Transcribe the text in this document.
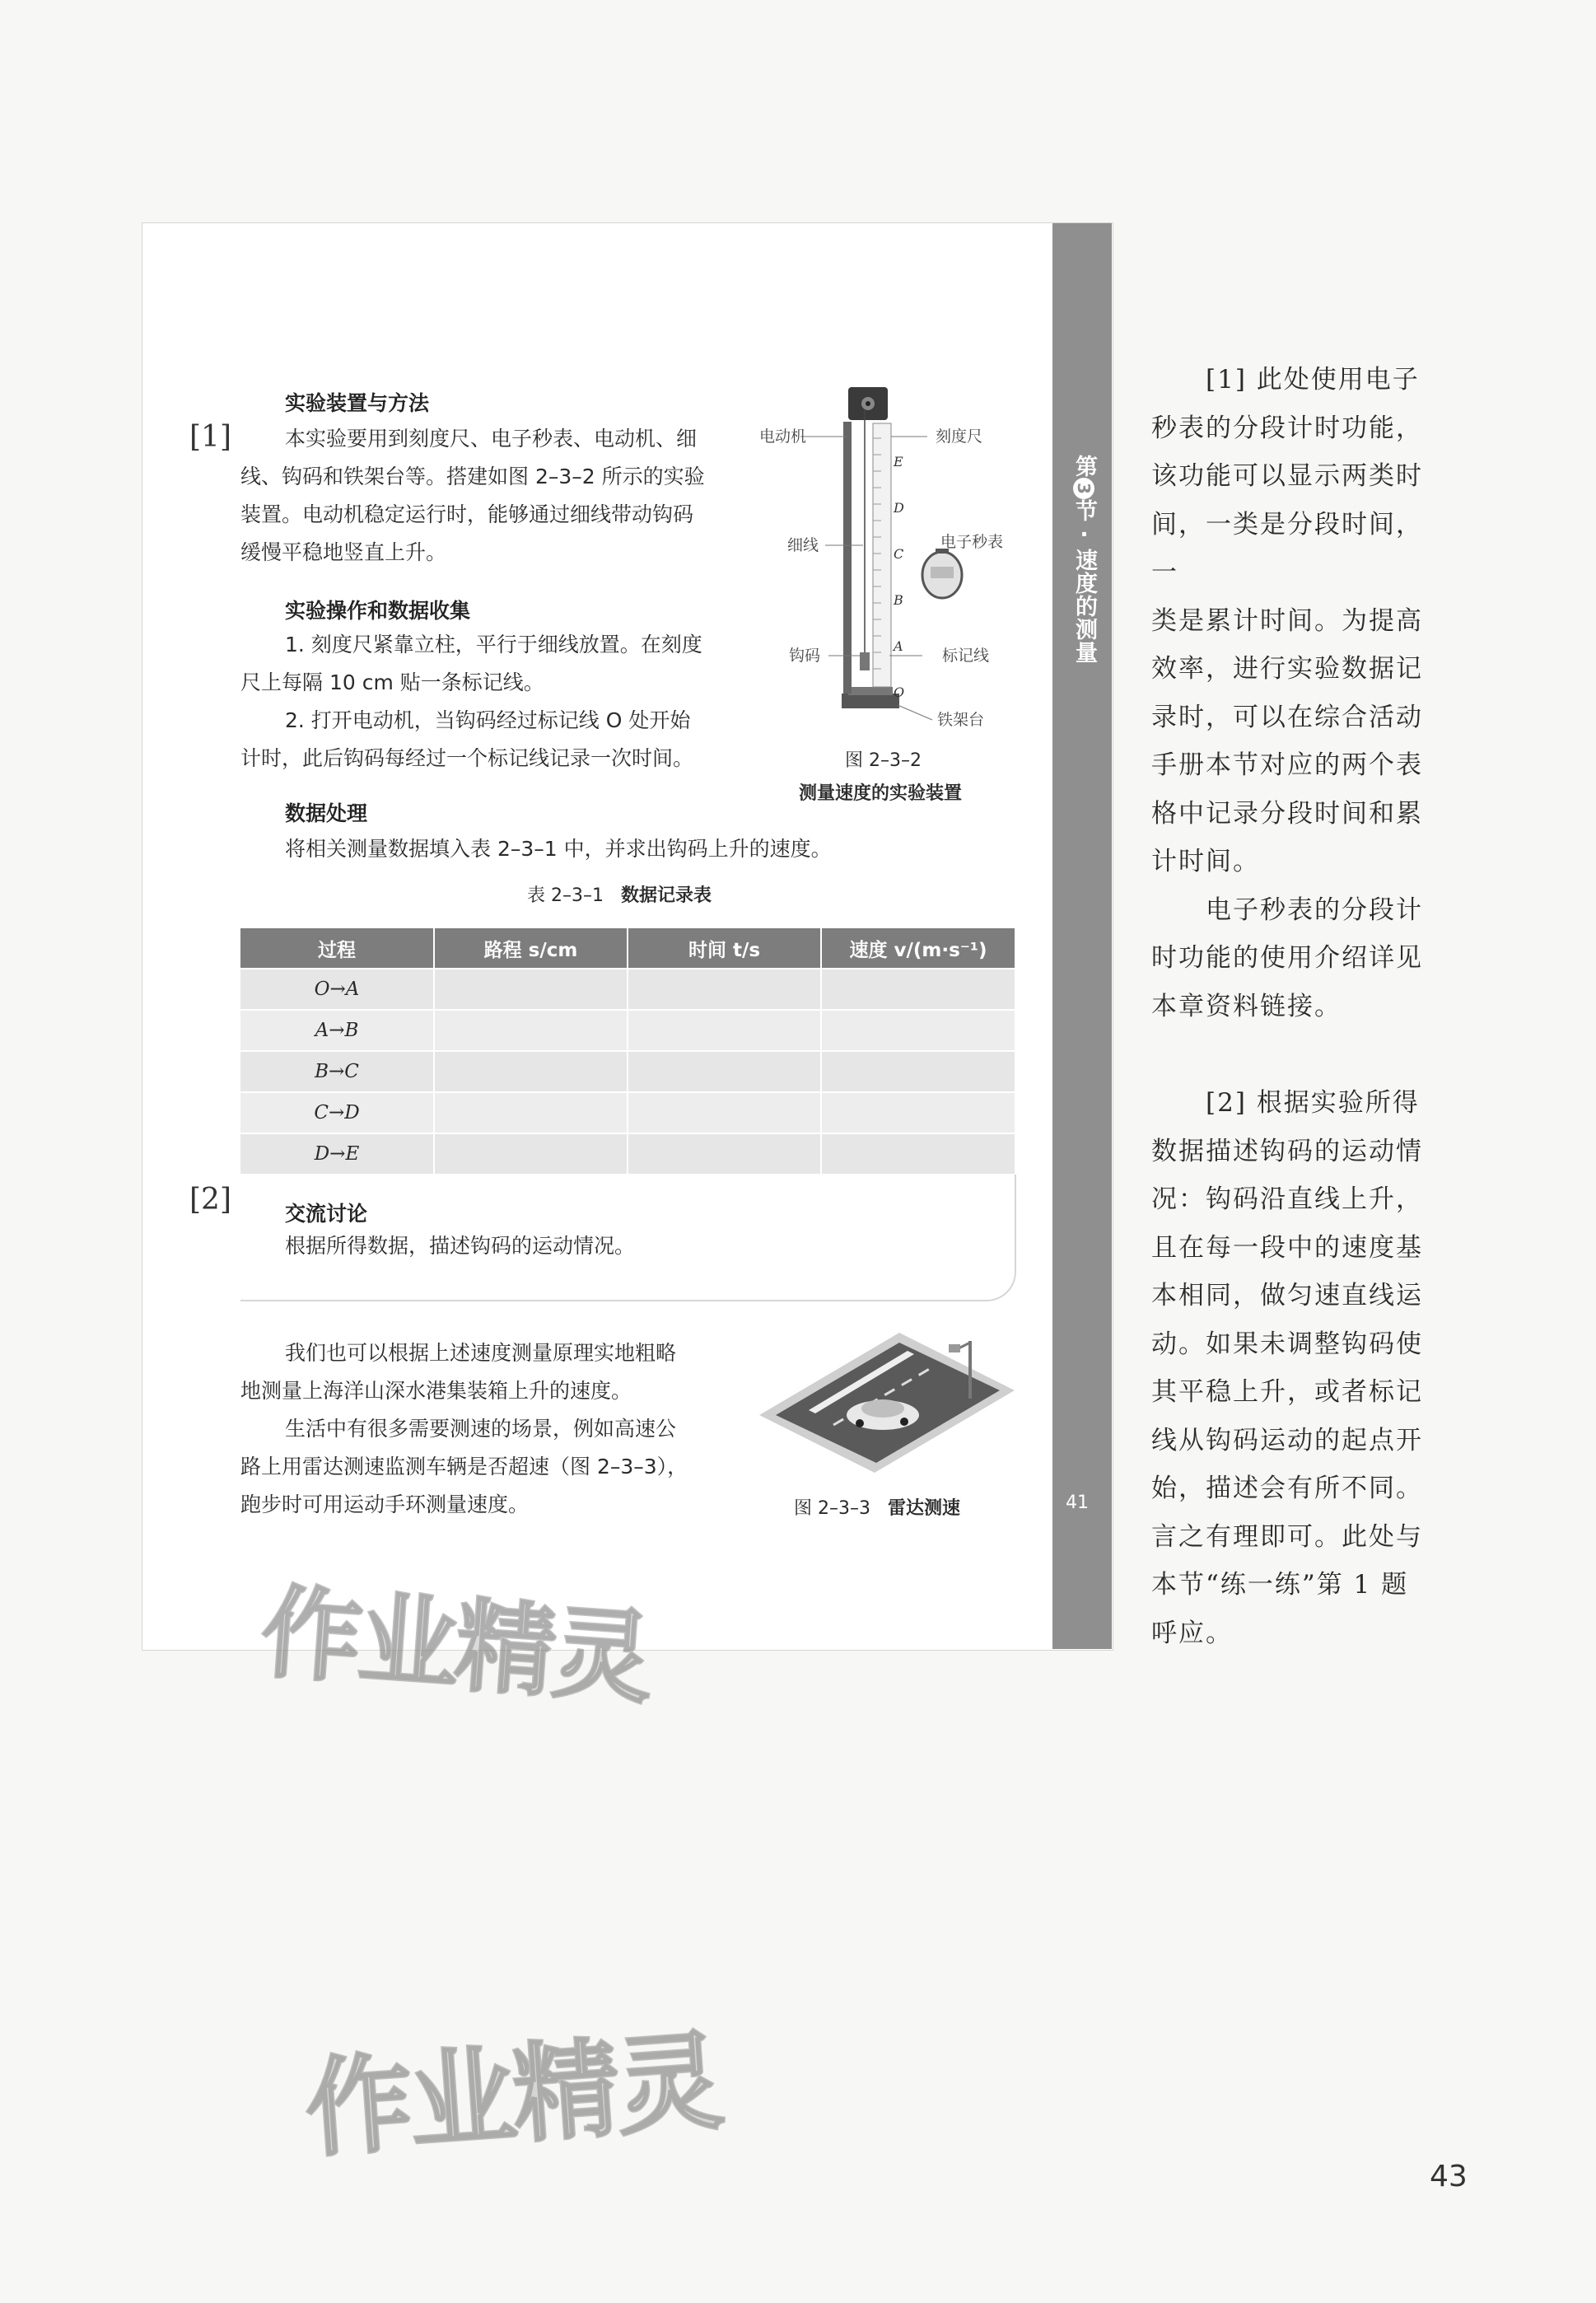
第3节·速度的测量
41
实验装置与方法
[1]	本实验要用到刻度尺、电子秒表、电动机、细
线、钩码和铁架台等。搭建如图 2–3–2 所示的实验
装置。电动机稳定运行时，能够通过细线带动钩码
缓慢平稳地竖直上升。
实验操作和数据收集
1. 刻度尺紧靠立柱，平行于细线放置。在刻度
尺上每隔 10 cm 贴一条标记线。
2. 打开电动机，当钩码经过标记线 O 处开始
计时，此后钩码每经过一个标记线记录一次时间。
E
D
C
B
A
O
电动机	刻度尺
细线	电子秒表
钩码	标记线
铁架台
图 2–3–2
测量速度的实验装置
数据处理
将相关测量数据填入表 2–3–1 中，并求出钩码上升的速度。
表 2–3–1 数据记录表
过程	路程 s/cm	时间 t/s	速度 v/(m·s⁻¹)
O→A			
A→B			
B→C			
C→D			
D→E			
[2]	交流讨论
根据所得数据，描述钩码的运动情况。
我们也可以根据上述速度测量原理实地粗略
地测量上海洋山深水港集装箱上升的速度。
生活中有很多需要测速的场景，例如高速公
路上用雷达测速监测车辆是否超速（图 2–3–3），
跑步时可用运动手环测量速度。	图 2–3–3 雷达测速
[1] 此处使用电子
秒表的分段计时功能，
该功能可以显示两类时
间，一类是分段时间，一
类是累计时间。为提高
效率，进行实验数据记
录时，可以在综合活动
手册本节对应的两个表
格中记录分段时间和累
计时间。
电子秒表的分段计
时功能的使用介绍详见
本章资料链接。
[2] 根据实验所得
数据描述钩码的运动情
况：钩码沿直线上升，
且在每一段中的速度基
本相同，做匀速直线运
动。如果未调整钩码使
其平稳上升，或者标记
线从钩码运动的起点开
始，描述会有所不同。
言之有理即可。此处与
本节“练一练”第 1 题
呼应。
作业精灵
作业精灵
43
